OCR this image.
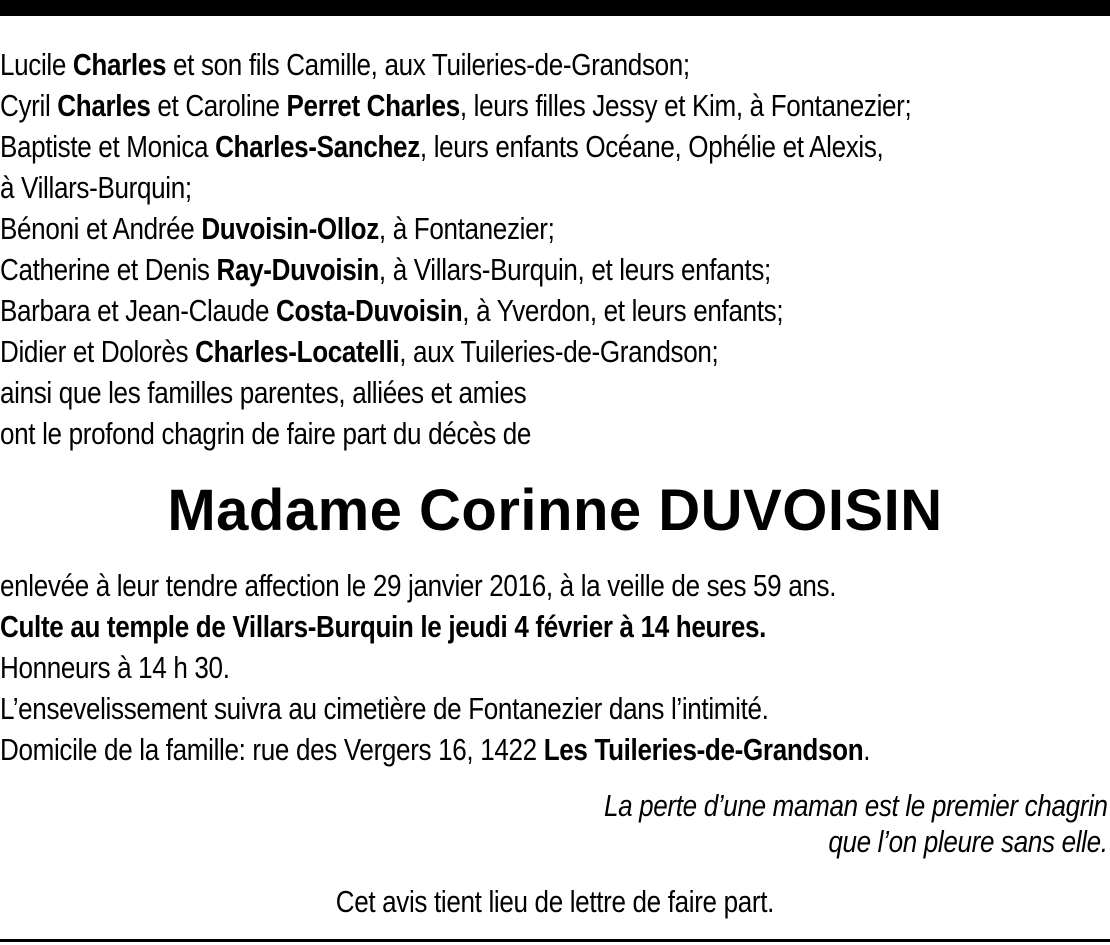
Lucile Charles et son fils Camille, aux Tuileries-de-Grandson;
Cyril Charles et Caroline Perret Charles, leurs filles Jessy et Kim, à Fontanezier;
Baptiste et Monica Charles-Sanchez, leurs enfants Océane, Ophélie et Alexis,
à Villars-Burquin;
Bénoni et Andrée Duvoisin-Olloz, à Fontanezier;
Catherine et Denis Ray-Duvoisin, à Villars-Burquin, et leurs enfants;
Barbara et Jean-Claude Costa-Duvoisin, à Yverdon, et leurs enfants;
Didier et Dolorès Charles-Locatelli, aux Tuileries-de-Grandson;
ainsi que les familles parentes, alliées et amies
ont le profond chagrin de faire part du décès de
Madame Corinne DUVOISIN
enlevée à leur tendre affection le 29 janvier 2016, à la veille de ses 59 ans.
Culte au temple de Villars-Burquin le jeudi 4 février à 14 heures.
Honneurs à 14 h 30.
L’ensevelissement suivra au cimetière de Fontanezier dans l’intimité.
Domicile de la famille: rue des Vergers 16, 1422 Les Tuileries-de-Grandson.
La perte d’une maman est le premier chagrin
que l’on pleure sans elle.
Cet avis tient lieu de lettre de faire part.
